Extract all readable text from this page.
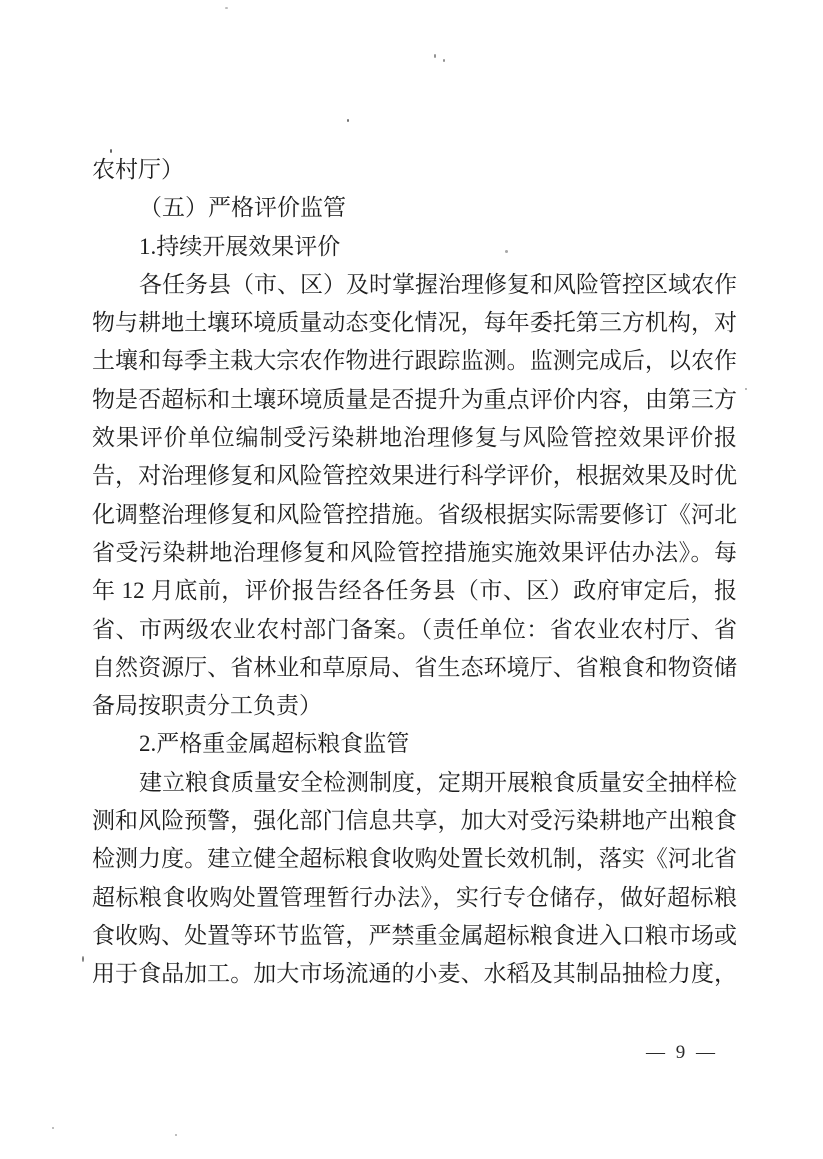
农村厅）
（五）严格评价监管
1.持续开展效果评价
各任务县（市、区）及时掌握治理修复和风险管控区域农作
物与耕地土壤环境质量动态变化情况，每年委托第三方机构，对
土壤和每季主栽大宗农作物进行跟踪监测。监测完成后，以农作
物是否超标和土壤环境质量是否提升为重点评价内容，由第三方
效果评价单位编制受污染耕地治理修复与风险管控效果评价报
告，对治理修复和风险管控效果进行科学评价，根据效果及时优
化调整治理修复和风险管控措施。省级根据实际需要修订《河北
省受污染耕地治理修复和风险管控措施实施效果评估办法》。每
年 12 月底前，评价报告经各任务县（市、区）政府审定后，报
省、市两级农业农村部门备案。（责任单位：省农业农村厅、省
自然资源厅、省林业和草原局、省生态环境厅、省粮食和物资储
备局按职责分工负责）
2.严格重金属超标粮食监管
建立粮食质量安全检测制度，定期开展粮食质量安全抽样检
测和风险预警，强化部门信息共享，加大对受污染耕地产出粮食
检测力度。建立健全超标粮食收购处置长效机制，落实《河北省
超标粮食收购处置管理暂行办法》，实行专仓储存，做好超标粮
食收购、处置等环节监管，严禁重金属超标粮食进入口粮市场或
用于食品加工。加大市场流通的小麦、水稻及其制品抽检力度，
— 9 —
